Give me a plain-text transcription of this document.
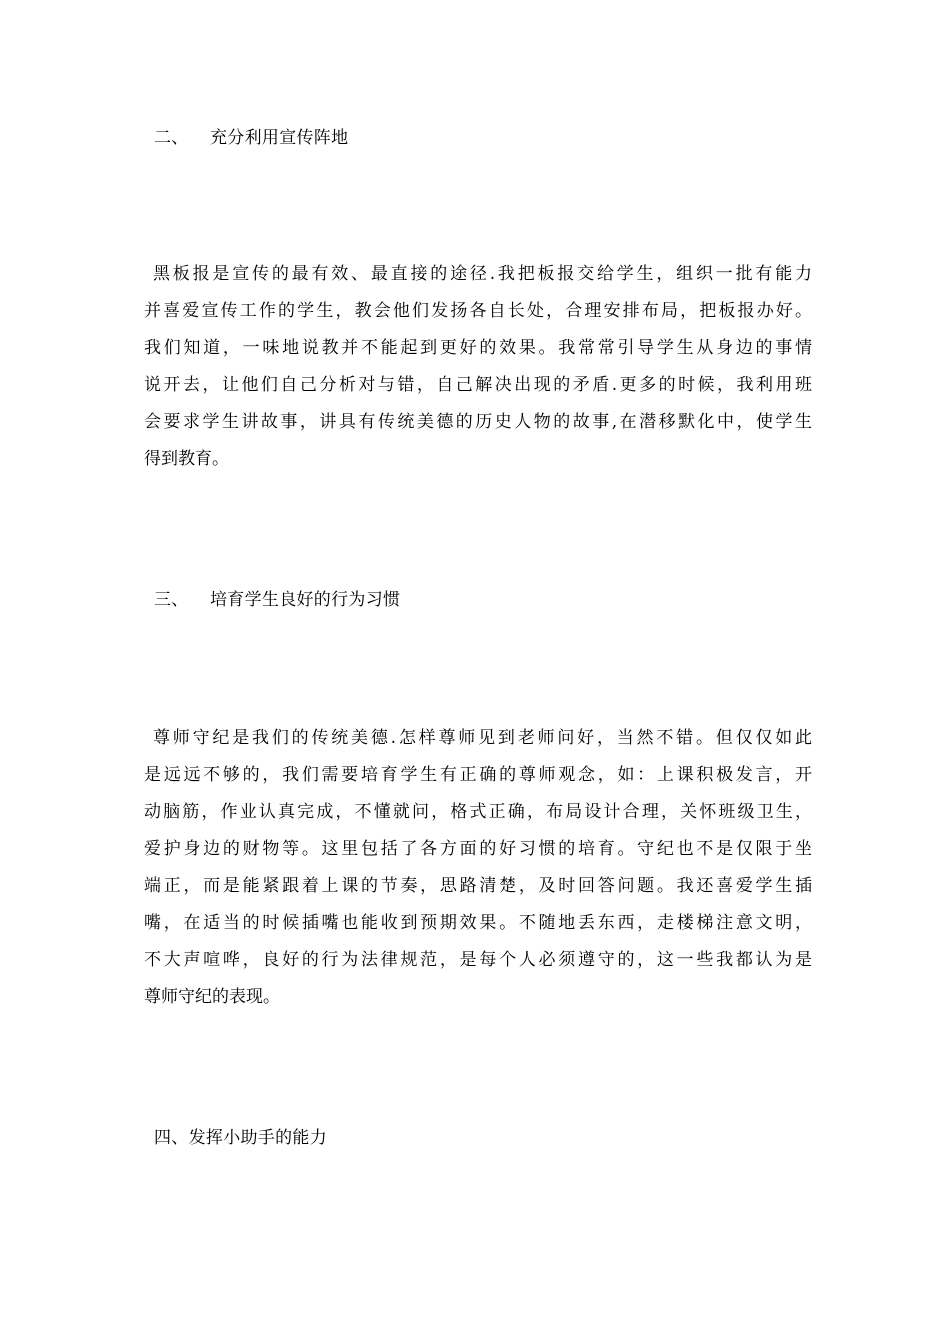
二、 充分利用宣传阵地
黑板报是宣传的最有效、最直接的途径.我把板报交给学生，组织一批有能力
并喜爱宣传工作的学生，教会他们发扬各自长处，合理安排布局，把板报办好。
我们知道，一味地说教并不能起到更好的效果。我常常引导学生从身边的事情
说开去，让他们自己分析对与错，自己解决出现的矛盾.更多的时候，我利用班
会要求学生讲故事，讲具有传统美德的历史人物的故事,在潜移默化中，使学生
得到教育。
三、 培育学生良好的行为习惯
尊师守纪是我们的传统美德.怎样尊师见到老师问好，当然不错。但仅仅如此
是远远不够的，我们需要培育学生有正确的尊师观念，如：上课积极发言，开
动脑筋，作业认真完成，不懂就问，格式正确，布局设计合理，关怀班级卫生，
爱护身边的财物等。这里包括了各方面的好习惯的培育。守纪也不是仅限于坐
端正，而是能紧跟着上课的节奏，思路清楚，及时回答问题。我还喜爱学生插
嘴，在适当的时候插嘴也能收到预期效果。不随地丢东西，走楼梯注意文明，
不大声喧哗，良好的行为法律规范，是每个人必须遵守的，这一些我都认为是
尊师守纪的表现。
四、发挥小助手的能力
